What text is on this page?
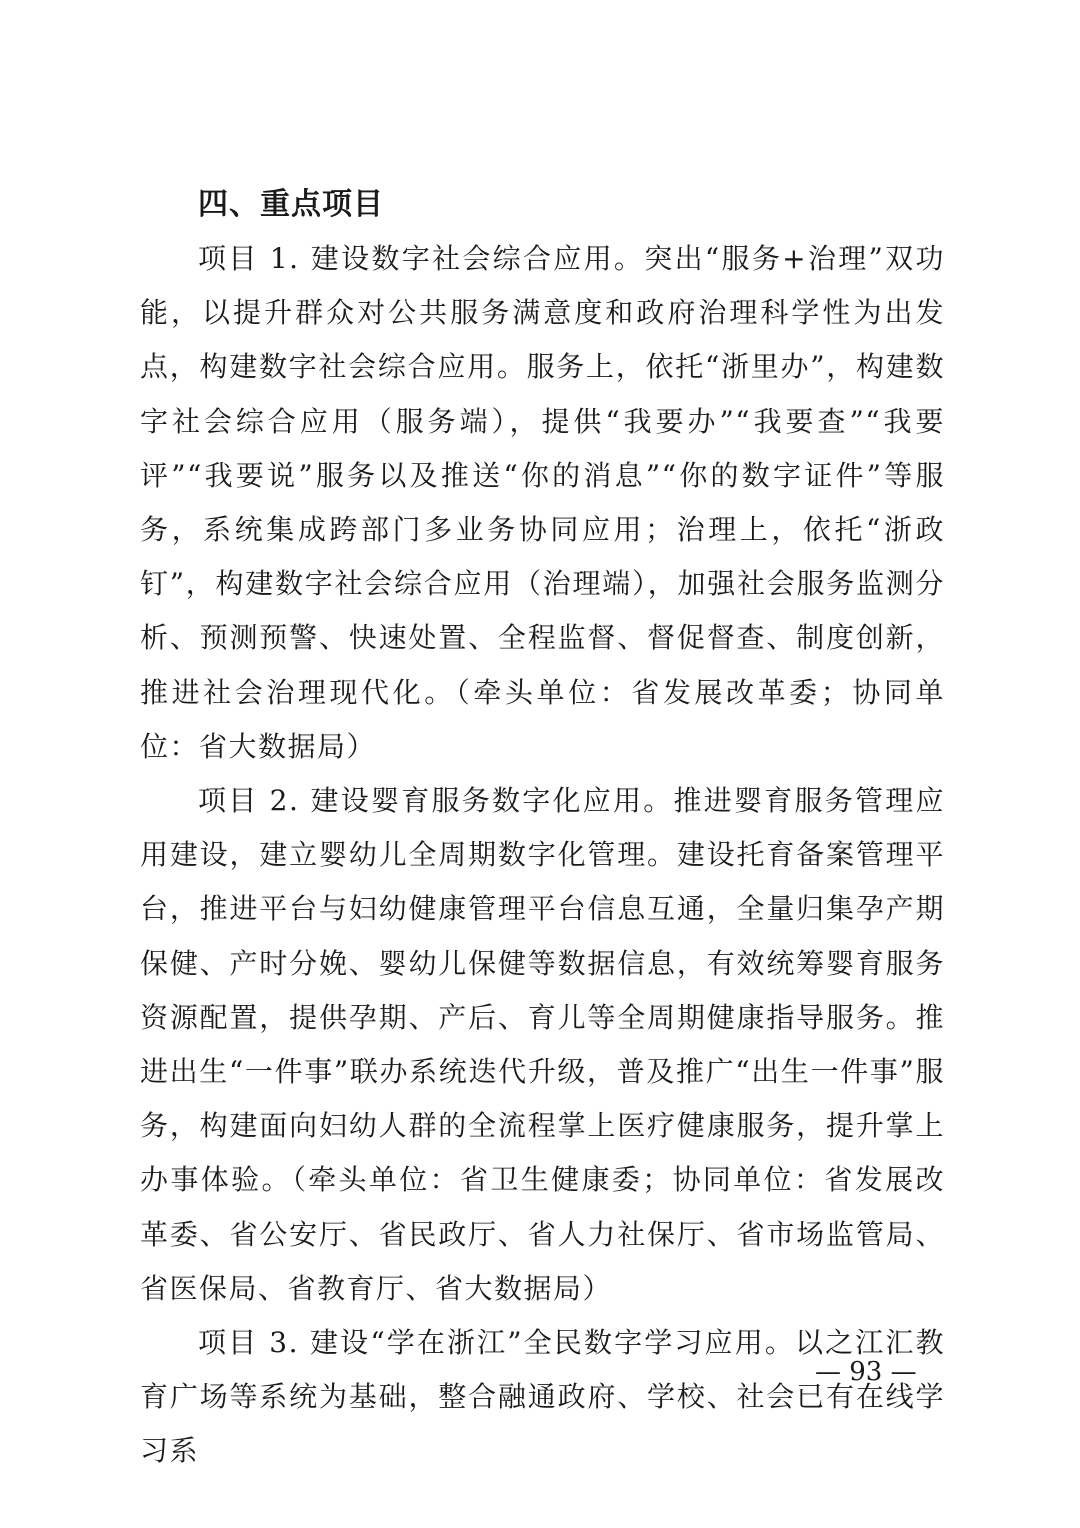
四、重点项目

项目 1. 建设数字社会综合应用。突出“服务+治理”双功能，以提升群众对公共服务满意度和政府治理科学性为出发点，构建数字社会综合应用。服务上，依托“浙里办”，构建数字社会综合应用（服务端），提供“我要办”“我要查”“我要评”“我要说”服务以及推送“你的消息”“你的数字证件”等服务，系统集成跨部门多业务协同应用；治理上，依托“浙政钉”，构建数字社会综合应用（治理端），加强社会服务监测分析、预测预警、快速处置、全程监督、督促督查、制度创新，推进社会治理现代化。（牵头单位：省发展改革委；协同单位：省大数据局）

项目 2. 建设婴育服务数字化应用。推进婴育服务管理应用建设，建立婴幼儿全周期数字化管理。建设托育备案管理平台，推进平台与妇幼健康管理平台信息互通，全量归集孕产期保健、产时分娩、婴幼儿保健等数据信息，有效统筹婴育服务资源配置，提供孕期、产后、育儿等全周期健康指导服务。推进出生“一件事”联办系统迭代升级，普及推广“出生一件事”服务，构建面向妇幼人群的全流程掌上医疗健康服务，提升掌上办事体验。（牵头单位：省卫生健康委；协同单位：省发展改革委、省公安厅、省民政厅、省人力社保厅、省市场监管局、省医保局、省教育厅、省大数据局）

项目 3. 建设“学在浙江”全民数字学习应用。以之江汇教育广场等系统为基础，整合融通政府、学校、社会已有在线学习系

— 93 —
